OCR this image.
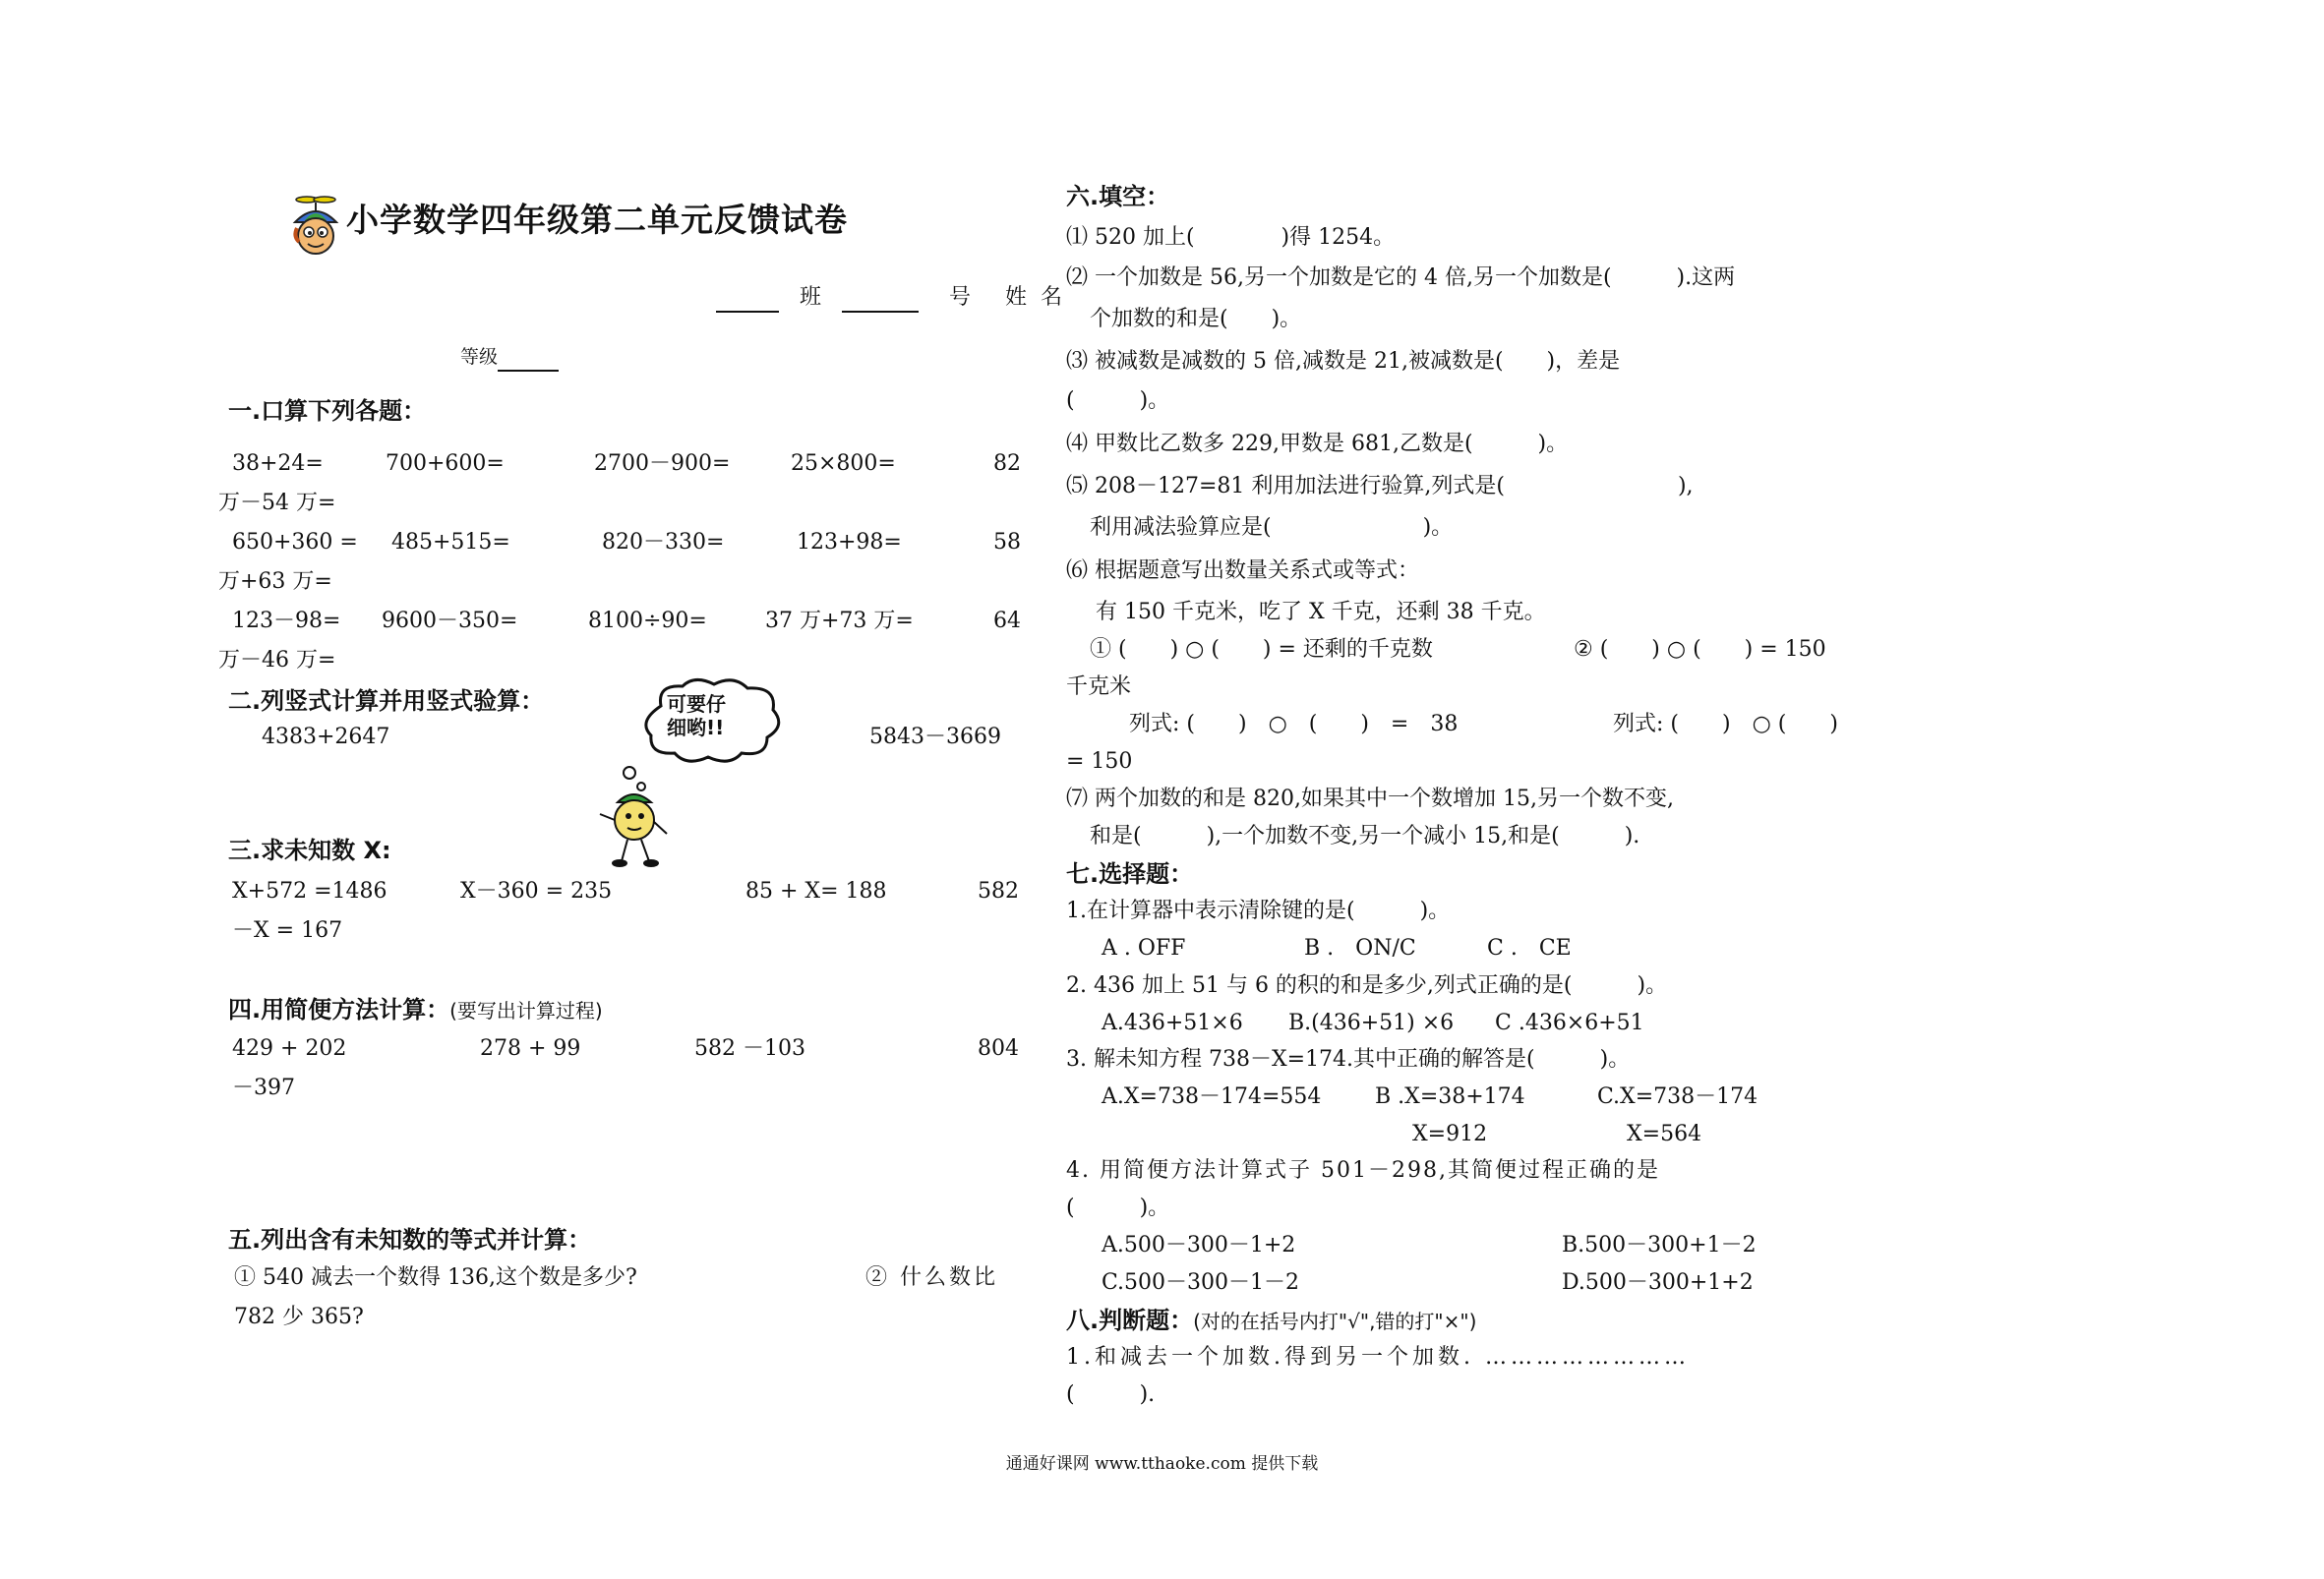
小学数学四年级第二单元反馈试卷
班	号 姓名
等级
一.口算下列各题：
38+24=	700+600=	2700－900=	25×800=	82
万－54 万=
650+360 = 485+515=	820－330=	123+98=	58
万+63 万=
123－98= 9600－350=	8100÷90=	37 万+73 万=	64
万－46 万=
二.列竖式计算并用竖式验算：
4383+2647	5843－3669
可要仔
细哟!!
三.求未知数 X:
X+572 =1486	X－360 = 235	85 + X= 188	582
－X = 167
四.用简便方法计算：(要写出计算过程)
429 + 202	278 + 99	582 －103	804
－397
五.列出含有未知数的等式并计算：
① 540 减去一个数得 136,这个数是多少?	② 什么数比
782 少 365?
六.填空：
⑴ 520 加上(　　　　)得 1254。
⑵ 一个加数是 56,另一个加数是它的 4 倍,另一个加数是(　　　).这两
个加数的和是(　　)。
⑶ 被减数是减数的 5 倍,减数是 21,被减数是(　　)，差是
(　　　)。
⑷ 甲数比乙数多 229,甲数是 681,乙数是(　　　)。
⑸ 208－127=81 利用加法进行验算,列式是(　　　　　　　　),
利用减法验算应是(　　　　　　　)。
⑹ 根据题意写出数量关系式或等式：
有 150 千克米，吃了 X 千克，还剩 38 千克。
① (　　) ○ (　　) = 还剩的千克数	② (　　) ○ (　　) = 150
千克米
列式: (　　)　○　(　　)　=　38	列式: (　　)　○ (　　)
= 150
⑺ 两个加数的和是 820,如果其中一个数增加 15,另一个数不变,
和是(　　　),一个加数不变,另一个减小 15,和是(　　　).
七.选择题：
1.在计算器中表示清除键的是(　　　)。
A . OFF	B .　ON/C	C .　CE
2. 436 加上 51 与 6 的积的和是多少,列式正确的是(　　　)。
A.436+51×6 B.(436+51) ×6 C .436×6+51
3. 解未知方程 738－X=174.其中正确的解答是(　　　)。
A.X=738－174=554 B .X=38+174	C.X=738－174
X=912	X=564
4. 用简便方法计算式子 501－298,其简便过程正确的是
(　　　)。
A.500－300－1+2	B.500－300+1－2
C.500－300－1－2	D.500－300+1+2
八.判断题：(对的在括号内打"√",错的打"×")
1.和减去一个加数.得到另一个加数. ……………………
(　　　).
通通好课网 www.tthaoke.com 提供下载
